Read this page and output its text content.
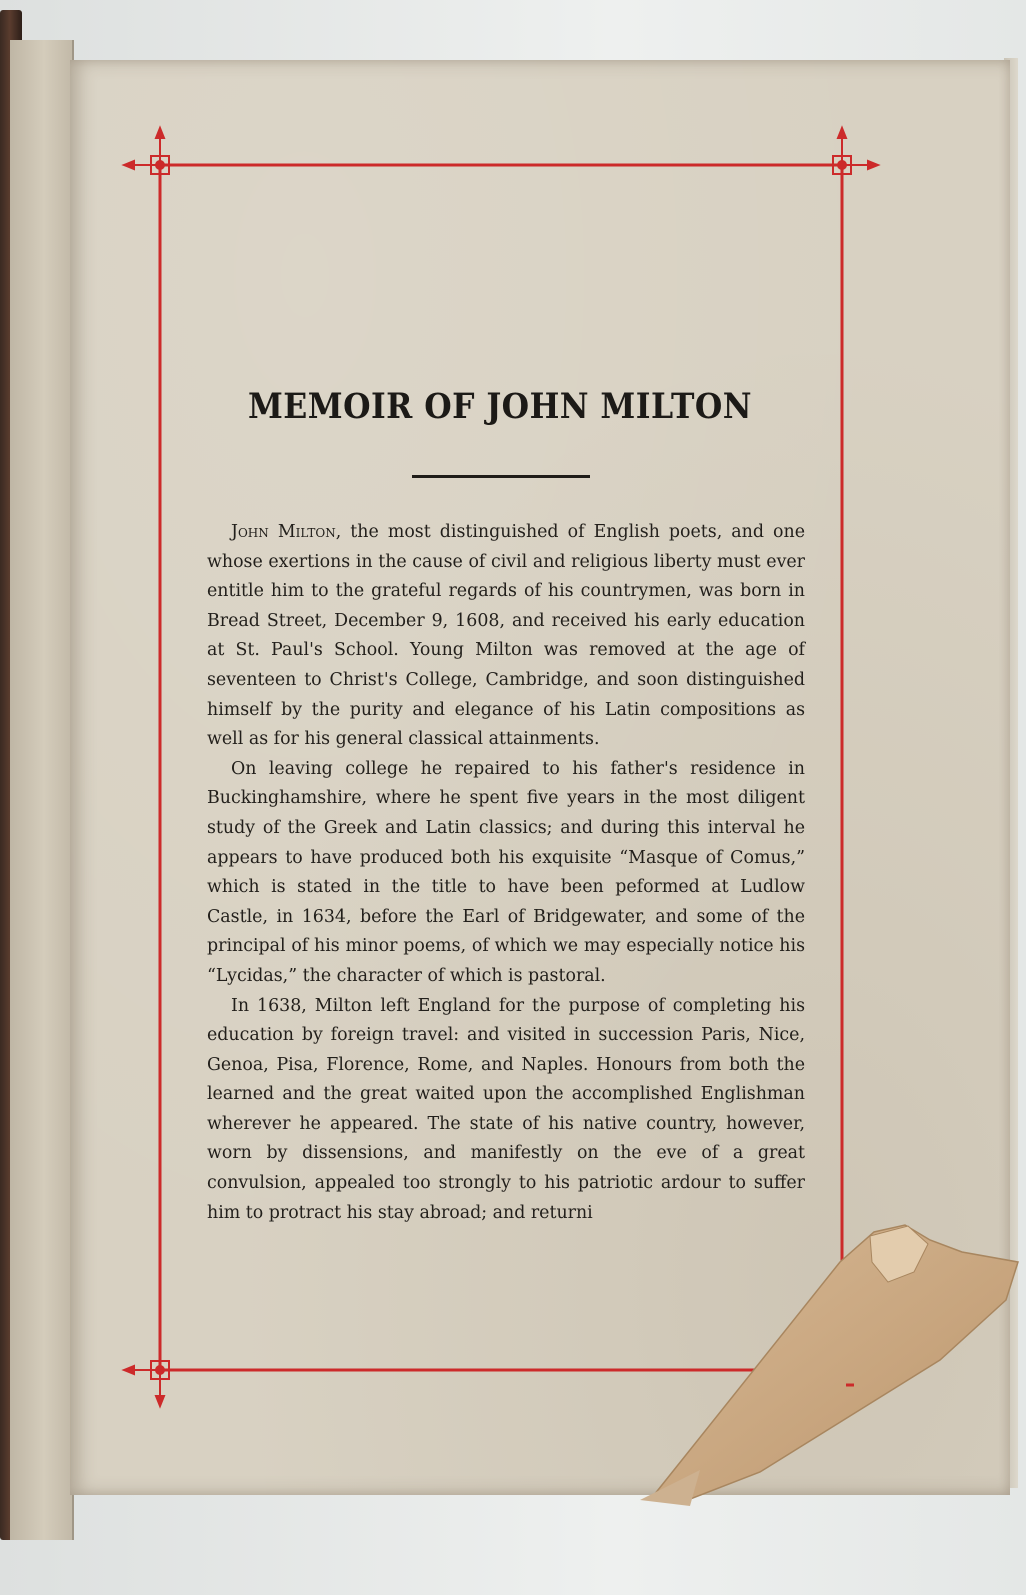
MEMOIR OF JOHN MILTON

John Milton, the most distinguished of English poets, and one whose exertions in the cause of civil and religious liberty must ever entitle him to the grateful regards of his countrymen, was born in Bread Street, December 9, 1608, and received his early education at St. Paul's School. Young Milton was removed at the age of seventeen to Christ's College, Cambridge, and soon distinguished himself by the purity and elegance of his Latin compositions as well as for his general classical attainments.

On leaving college he repaired to his father's residence in Buckinghamshire, where he spent five years in the most diligent study of the Greek and Latin classics; and during this interval he appears to have produced both his exquisite “Masque of Comus,” which is stated in the title to have been peformed at Ludlow Castle, in 1634, before the Earl of Bridgewater, and some of the principal of his minor poems, of which we may especially notice his “Lycidas,” the character of which is pastoral.

In 1638, Milton left England for the purpose of completing his education by foreign travel: and visited in succession Paris, Nice, Genoa, Pisa, Florence, Rome, and Naples. Honours from both the learned and the great waited upon the accomplished Englishman wherever he appeared. The state of his native country, however, worn by dissensions, and manifestly on the eve of a great convulsion, appealed too strongly to his patriotic ardour to suffer him to protract his stay abroad; and returni
